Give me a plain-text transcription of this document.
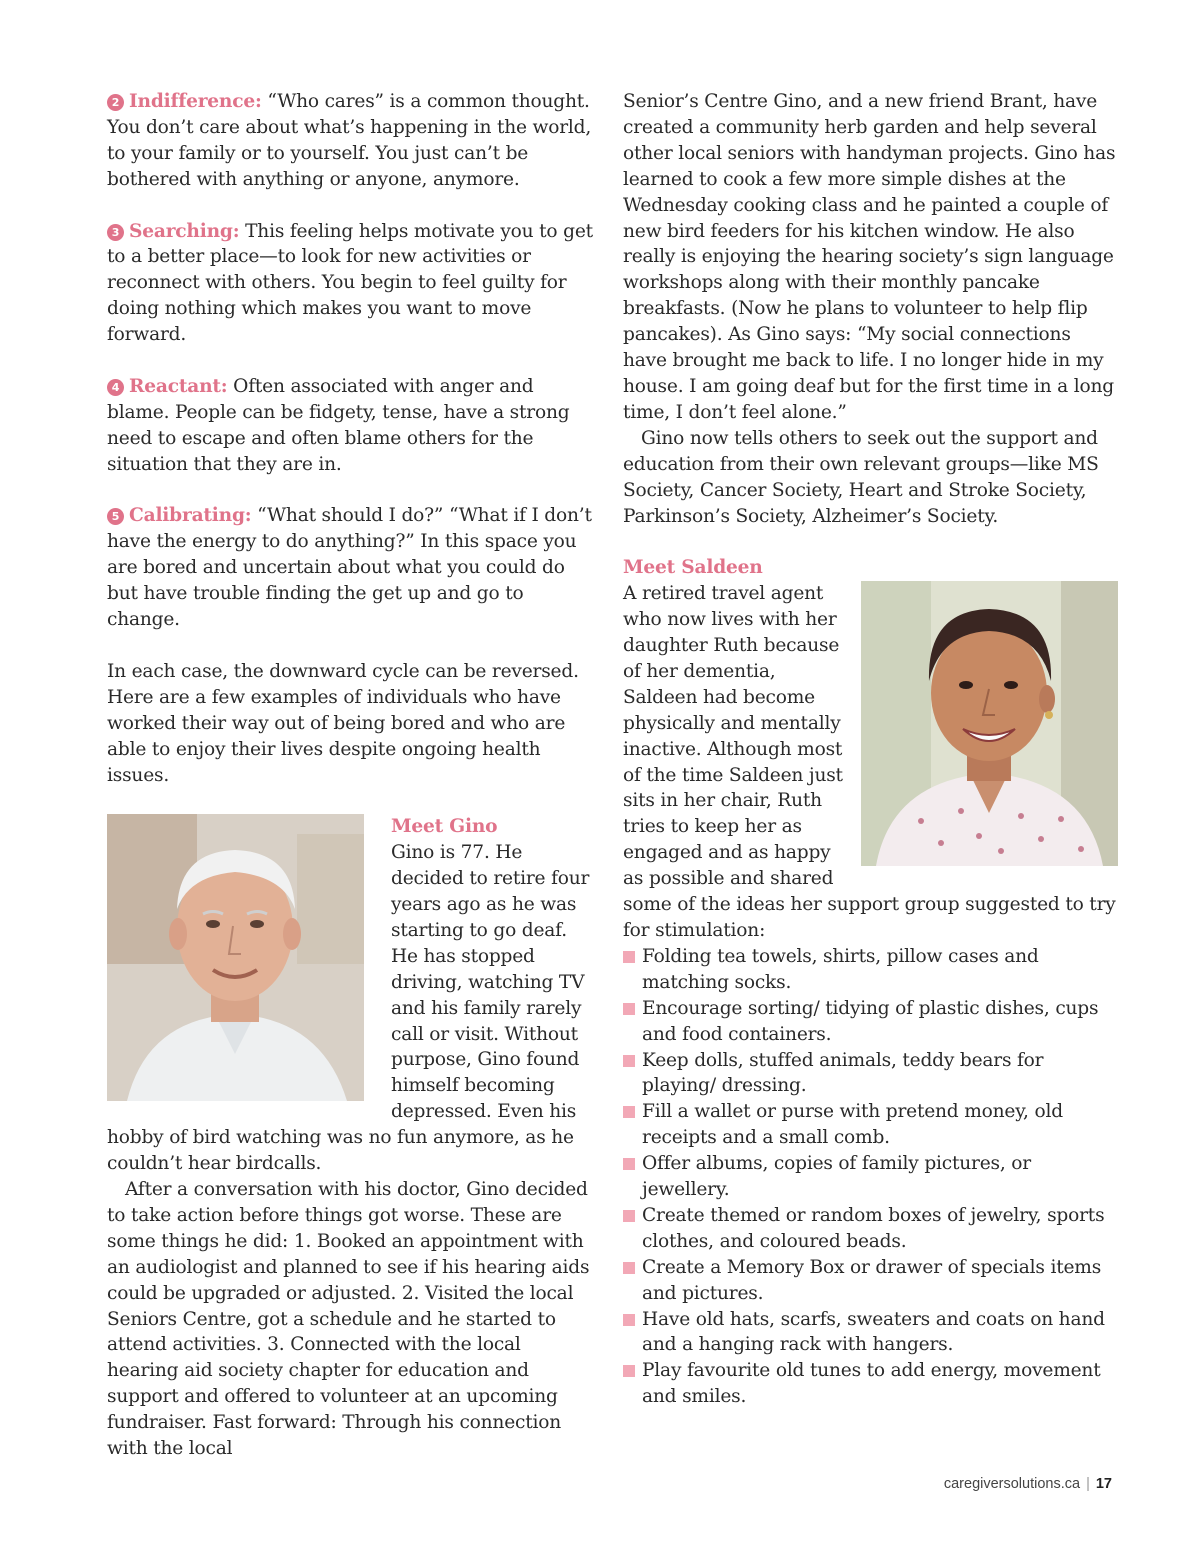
2 Indifference: “Who cares” is a common thought. You don’t care about what’s happening in the world, to your family or to yourself. You just can’t be bothered with anything or anyone, anymore.

3 Searching: This feeling helps motivate you to get to a better place—to look for new activities or reconnect with others. You begin to feel guilty for doing nothing which makes you want to move forward.

4 Reactant: Often associated with anger and blame. People can be fidgety, tense, have a strong need to escape and often blame others for the situation that they are in.

5 Calibrating: “What should I do?” “What if I don’t have the energy to do anything?” In this space you are bored and uncertain about what you could do but have trouble finding the get up and go to change.

In each case, the downward cycle can be reversed. Here are a few examples of individuals who have worked their way out of being bored and who are able to enjoy their lives despite ongoing health issues.

Meet Gino

Gino is 77. He decided to retire four years ago as he was starting to go deaf. He has stopped driving, watching TV and his family rarely call or visit. Without purpose, Gino found himself becoming depressed. Even his hobby of bird watching was no fun anymore, as he couldn’t hear birdcalls.

After a conversation with his doctor, Gino decided to take action before things got worse. These are some things he did: 1. Booked an appointment with an audiologist and planned to see if his hearing aids could be upgraded or adjusted. 2. Visited the local Seniors Centre, got a schedule and he started to attend activities. 3. Connected with the local hearing aid society chapter for education and support and offered to volunteer at an upcoming fundraiser. Fast forward: Through his connection with the local

Senior’s Centre Gino, and a new friend Brant, have created a community herb garden and help several other local seniors with handyman projects. Gino has learned to cook a few more simple dishes at the Wednesday cooking class and he painted a couple of new bird feeders for his kitchen window. He also really is enjoying the hearing society’s sign language workshops along with their monthly pancake breakfasts. (Now he plans to volunteer to help flip pancakes). As Gino says: “My social connections have brought me back to life. I no longer hide in my house. I am going deaf but for the first time in a long time, I don’t feel alone.”

Gino now tells others to seek out the support and education from their own relevant groups—like MS Society, Cancer Society, Heart and Stroke Society, Parkinson’s Society, Alzheimer’s Society.

Meet Saldeen

A retired travel agent who now lives with her daughter Ruth because of her dementia, Saldeen had become physically and mentally inactive. Although most of the time Saldeen just sits in her chair, Ruth tries to keep her as engaged and as happy as possible and shared some of the ideas her support group suggested to try for stimulation:

Folding tea towels, shirts, pillow cases and matching socks.
Encourage sorting/ tidying of plastic dishes, cups and food containers.
Keep dolls, stuffed animals, teddy bears for playing/ dressing.
Fill a wallet or purse with pretend money, old receipts and a small comb.
Offer albums, copies of family pictures, or jewellery.
Create themed or random boxes of jewelry, sports clothes, and coloured beads.
Create a Memory Box or drawer of specials items and pictures.
Have old hats, scarfs, sweaters and coats on hand and a hanging rack with hangers.
Play favourite old tunes to add energy, movement and smiles.
caregiversolutions.ca | 17
